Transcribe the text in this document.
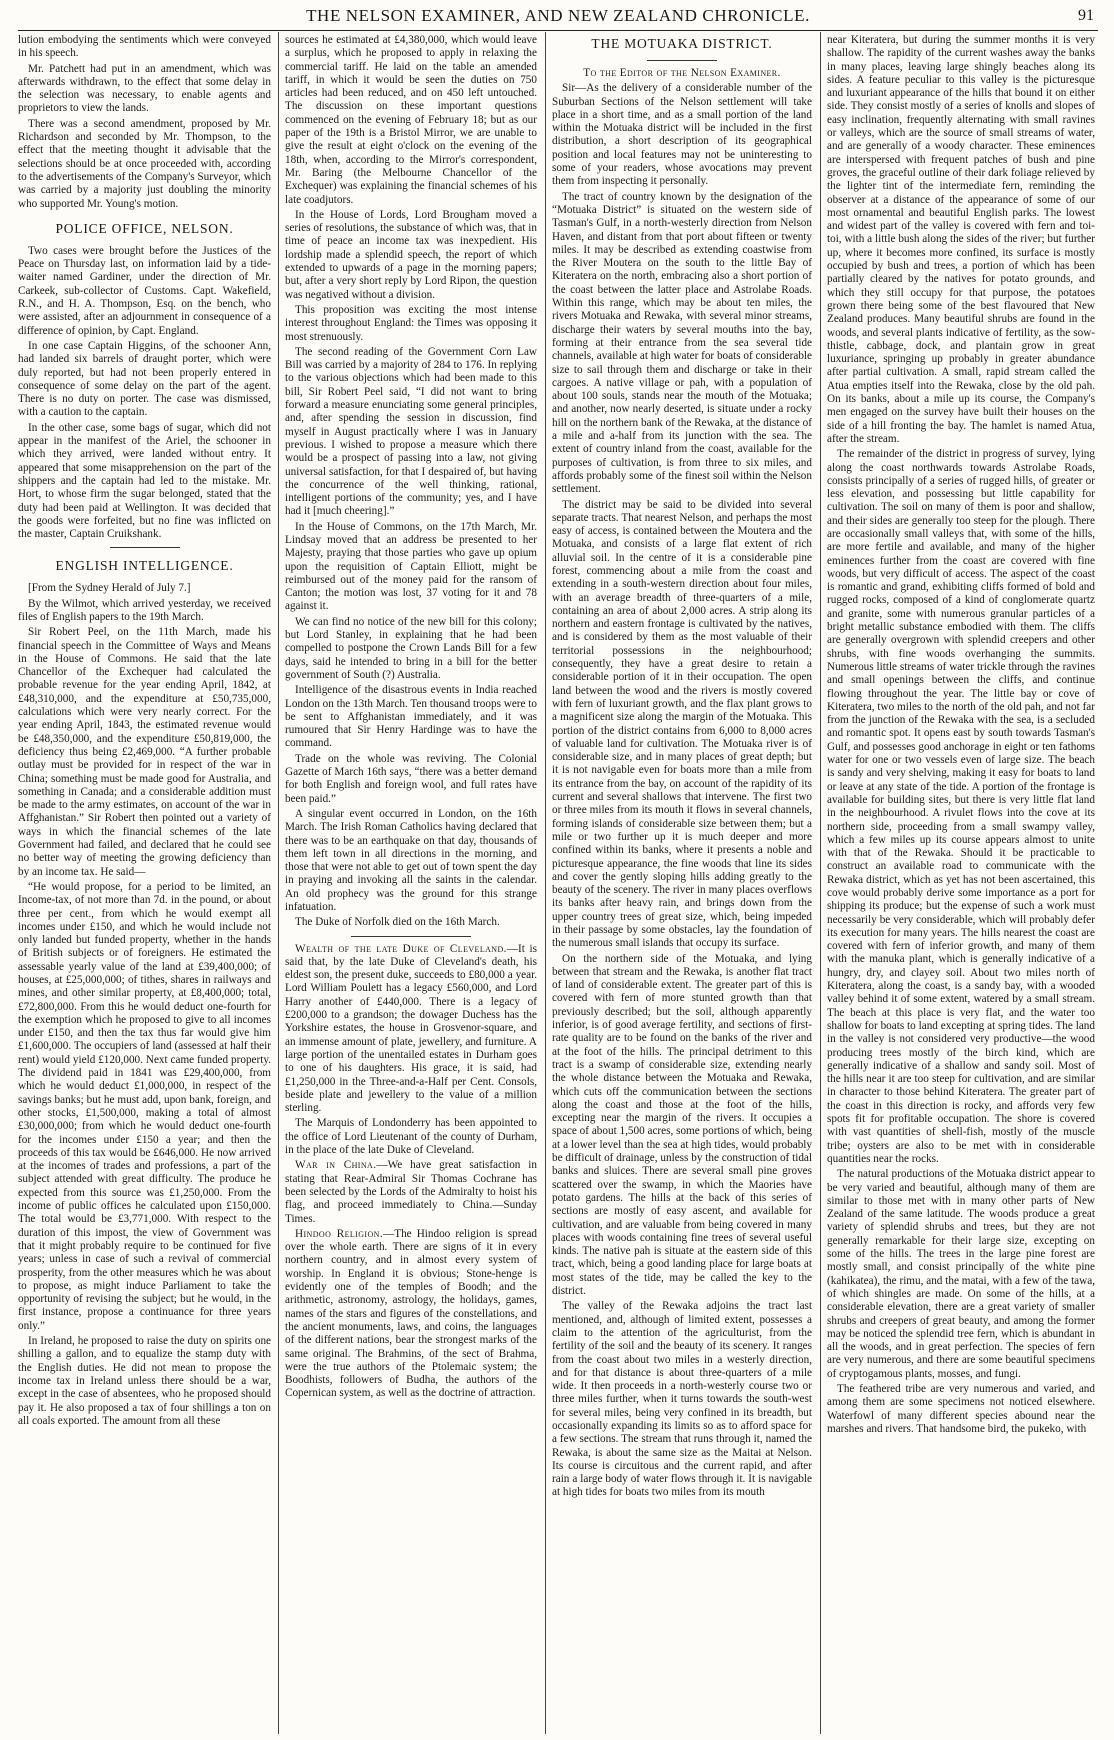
THE NELSON EXAMINER, AND NEW ZEALAND CHRONICLE.	91

lution embodying the sentiments which were conveyed in his speech.

Mr. Patchett had put in an amendment, which was afterwards withdrawn, to the effect that some delay in the selection was necessary, to enable agents and proprietors to view the lands.

There was a second amendment, proposed by Mr. Richardson and seconded by Mr. Thompson, to the effect that the meeting thought it advisable that the selections should be at once proceeded with, according to the advertisements of the Company's Surveyor, which was carried by a majority just doubling the minority who supported Mr. Young's motion.

POLICE OFFICE, NELSON.

Two cases were brought before the Justices of the Peace on Thursday last, on information laid by a tide-waiter named Gardiner, under the direction of Mr. Carkeek, sub-collector of Customs. Capt. Wakefield, R.N., and H. A. Thompson, Esq. on the bench, who were assisted, after an adjournment in consequence of a difference of opinion, by Capt. England.

In one case Captain Higgins, of the schooner Ann, had landed six barrels of draught porter, which were duly reported, but had not been properly entered in consequence of some delay on the part of the agent. There is no duty on porter. The case was dismissed, with a caution to the captain.

In the other case, some bags of sugar, which did not appear in the manifest of the Ariel, the schooner in which they arrived, were landed without entry. It appeared that some misapprehension on the part of the shippers and the captain had led to the mistake. Mr. Hort, to whose firm the sugar belonged, stated that the duty had been paid at Wellington. It was decided that the goods were forfeited, but no fine was inflicted on the master, Captain Cruikshank.

ENGLISH INTELLIGENCE.

[From the Sydney Herald of July 7.]

By the Wilmot, which arrived yesterday, we received files of English papers to the 19th March.

Sir Robert Peel, on the 11th March, made his financial speech in the Committee of Ways and Means in the House of Commons. He said that the late Chancellor of the Exchequer had calculated the probable revenue for the year ending April, 1842, at £48,310,000, and the expenditure at £50,735,000, calculations which were very nearly correct. For the year ending April, 1843, the estimated revenue would be £48,350,000, and the expenditure £50,819,000, the deficiency thus being £2,469,000. “A further probable outlay must be provided for in respect of the war in China; something must be made good for Australia, and something in Canada; and a considerable addition must be made to the army estimates, on account of the war in Affghanistan.” Sir Robert then pointed out a variety of ways in which the financial schemes of the late Government had failed, and declared that he could see no better way of meeting the growing deficiency than by an income tax. He said—

“He would propose, for a period to be limited, an Income-tax, of not more than 7d. in the pound, or about three per cent., from which he would exempt all incomes under £150, and which he would include not only landed but funded property, whether in the hands of British subjects or of foreigners. He estimated the assessable yearly value of the land at £39,400,000; of houses, at £25,000,000; of tithes, shares in railways and mines, and other similar property, at £8,400,000; total, £72,800,000. From this he would deduct one-fourth for the exemption which he proposed to give to all incomes under £150, and then the tax thus far would give him £1,600,000. The occupiers of land (assessed at half their rent) would yield £120,000. Next came funded property. The dividend paid in 1841 was £29,400,000, from which he would deduct £1,000,000, in respect of the savings banks; but he must add, upon bank, foreign, and other stocks, £1,500,000, making a total of almost £30,000,000; from which he would deduct one-fourth for the incomes under £150 a year; and then the proceeds of this tax would be £646,000. He now arrived at the incomes of trades and professions, a part of the subject attended with great difficulty. The produce he expected from this source was £1,250,000. From the income of public offices he calculated upon £150,000. The total would be £3,771,000. With respect to the duration of this impost, the view of Government was that it might probably require to be continued for five years; unless in case of such a revival of commercial prosperity, from the other measures which he was about to propose, as might induce Parliament to take the opportunity of revising the subject; but he would, in the first instance, propose a continuance for three years only.”

In Ireland, he proposed to raise the duty on spirits one shilling a gallon, and to equalize the stamp duty with the English duties. He did not mean to propose the income tax in Ireland unless there should be a war, except in the case of absentees, who he proposed should pay it. He also proposed a tax of four shillings a ton on all coals exported. The amount from all these

sources he estimated at £4,380,000, which would leave a surplus, which he proposed to apply in relaxing the commercial tariff. He laid on the table an amended tariff, in which it would be seen the duties on 750 articles had been reduced, and on 450 left untouched. The discussion on these important questions commenced on the evening of February 18; but as our paper of the 19th is a Bristol Mirror, we are unable to give the result at eight o'clock on the evening of the 18th, when, according to the Mirror's correspondent, Mr. Baring (the Melbourne Chancellor of the Exchequer) was explaining the financial schemes of his late coadjutors.

In the House of Lords, Lord Brougham moved a series of resolutions, the substance of which was, that in time of peace an income tax was inexpedient. His lordship made a splendid speech, the report of which extended to upwards of a page in the morning papers; but, after a very short reply by Lord Ripon, the question was negatived without a division.

This proposition was exciting the most intense interest throughout England: the Times was opposing it most strenuously.

The second reading of the Government Corn Law Bill was carried by a majority of 284 to 176. In replying to the various objections which had been made to this bill, Sir Robert Peel said, “I did not want to bring forward a measure enunciating some general principles, and, after spending the session in discussion, find myself in August practically where I was in January previous. I wished to propose a measure which there would be a prospect of passing into a law, not giving universal satisfaction, for that I despaired of, but having the concurrence of the well thinking, rational, intelligent portions of the community; yes, and I have had it [much cheering].”

In the House of Commons, on the 17th March, Mr. Lindsay moved that an address be presented to her Majesty, praying that those parties who gave up opium upon the requisition of Captain Elliott, might be reimbursed out of the money paid for the ransom of Canton; the motion was lost, 37 voting for it and 78 against it.

We can find no notice of the new bill for this colony; but Lord Stanley, in explaining that he had been compelled to postpone the Crown Lands Bill for a few days, said he intended to bring in a bill for the better government of South (?) Australia.

Intelligence of the disastrous events in India reached London on the 13th March. Ten thousand troops were to be sent to Affghanistan immediately, and it was rumoured that Sir Henry Hardinge was to have the command.

Trade on the whole was reviving. The Colonial Gazette of March 16th says, “there was a better demand for both English and foreign wool, and full rates have been paid.”

A singular event occurred in London, on the 16th March. The Irish Roman Catholics having declared that there was to be an earthquake on that day, thousands of them left town in all directions in the morning, and those that were not able to get out of town spent the day in praying and invoking all the saints in the calendar. An old prophecy was the ground for this strange infatuation.

The Duke of Norfolk died on the 16th March.

Wealth of the late Duke of Cleveland.—It is said that, by the late Duke of Cleveland's death, his eldest son, the present duke, succeeds to £80,000 a year. Lord William Poulett has a legacy £560,000, and Lord Harry another of £440,000. There is a legacy of £200,000 to a grandson; the dowager Duchess has the Yorkshire estates, the house in Grosvenor-square, and an immense amount of plate, jewellery, and furniture. A large portion of the unentailed estates in Durham goes to one of his daughters. His grace, it is said, had £1,250,000 in the Three-and-a-Half per Cent. Consols, beside plate and jewellery to the value of a million sterling.

The Marquis of Londonderry has been appointed to the office of Lord Lieutenant of the county of Durham, in the place of the late Duke of Cleveland.

War in China.—We have great satisfaction in stating that Rear-Admiral Sir Thomas Cochrane has been selected by the Lords of the Admiralty to hoist his flag, and proceed immediately to China.—Sunday Times.

Hindoo Religion.—The Hindoo religion is spread over the whole earth. There are signs of it in every northern country, and in almost every system of worship. In England it is obvious; Stone-henge is evidently one of the temples of Boodh; and the arithmetic, astronomy, astrology, the holidays, games, names of the stars and figures of the constellations, and the ancient monuments, laws, and coins, the languages of the different nations, bear the strongest marks of the same original. The Brahmins, of the sect of Brahma, were the true authors of the Ptolemaic system; the Boodhists, followers of Budha, the authors of the Copernican system, as well as the doctrine of attraction.

THE MOTUAKA DISTRICT.

To the Editor of the Nelson Examiner.

Sir—As the delivery of a considerable number of the Suburban Sections of the Nelson settlement will take place in a short time, and as a small portion of the land within the Motuaka district will be included in the first distribution, a short description of its geographical position and local features may not be uninteresting to some of your readers, whose avocations may prevent them from inspecting it personally.

The tract of country known by the designation of the “Motuaka District” is situated on the western side of Tasman's Gulf, in a north-westerly direction from Nelson Haven, and distant from that port about fifteen or twenty miles. It may be described as extending coastwise from the River Moutera on the south to the little Bay of Kiteratera on the north, embracing also a short portion of the coast between the latter place and Astrolabe Roads. Within this range, which may be about ten miles, the rivers Motuaka and Rewaka, with several minor streams, discharge their waters by several mouths into the bay, forming at their entrance from the sea several tide channels, available at high water for boats of considerable size to sail through them and discharge or take in their cargoes. A native village or pah, with a population of about 100 souls, stands near the mouth of the Motuaka; and another, now nearly deserted, is situate under a rocky hill on the northern bank of the Rewaka, at the distance of a mile and a-half from its junction with the sea. The extent of country inland from the coast, available for the purposes of cultivation, is from three to six miles, and affords probably some of the finest soil within the Nelson settlement.

The district may be said to be divided into several separate tracts. That nearest Nelson, and perhaps the most easy of access, is contained between the Moutera and the Motuaka, and consists of a large flat extent of rich alluvial soil. In the centre of it is a considerable pine forest, commencing about a mile from the coast and extending in a south-western direction about four miles, with an average breadth of three-quarters of a mile, containing an area of about 2,000 acres. A strip along its northern and eastern frontage is cultivated by the natives, and is considered by them as the most valuable of their territorial possessions in the neighbourhood; consequently, they have a great desire to retain a considerable portion of it in their occupation. The open land between the wood and the rivers is mostly covered with fern of luxuriant growth, and the flax plant grows to a magnificent size along the margin of the Motuaka. This portion of the district contains from 6,000 to 8,000 acres of valuable land for cultivation. The Motuaka river is of considerable size, and in many places of great depth; but it is not navigable even for boats more than a mile from its entrance from the bay, on account of the rapidity of its current and several shallows that intervene. The first two or three miles from its mouth it flows in several channels, forming islands of considerable size between them; but a mile or two further up it is much deeper and more confined within its banks, where it presents a noble and picturesque appearance, the fine woods that line its sides and cover the gently sloping hills adding greatly to the beauty of the scenery. The river in many places overflows its banks after heavy rain, and brings down from the upper country trees of great size, which, being impeded in their passage by some obstacles, lay the foundation of the numerous small islands that occupy its surface.

On the northern side of the Motuaka, and lying between that stream and the Rewaka, is another flat tract of land of considerable extent. The greater part of this is covered with fern of more stunted growth than that previously described; but the soil, although apparently inferior, is of good average fertility, and sections of first-rate quality are to be found on the banks of the river and at the foot of the hills. The principal detriment to this tract is a swamp of considerable size, extending nearly the whole distance between the Motuaka and Rewaka, which cuts off the communication between the sections along the coast and those at the foot of the hills, excepting near the margin of the rivers. It occupies a space of about 1,500 acres, some portions of which, being at a lower level than the sea at high tides, would probably be difficult of drainage, unless by the construction of tidal banks and sluices. There are several small pine groves scattered over the swamp, in which the Maories have potato gardens. The hills at the back of this series of sections are mostly of easy ascent, and available for cultivation, and are valuable from being covered in many places with woods containing fine trees of several useful kinds. The native pah is situate at the eastern side of this tract, which, being a good landing place for large boats at most states of the tide, may be called the key to the district.

The valley of the Rewaka adjoins the tract last mentioned, and, although of limited extent, possesses a claim to the attention of the agriculturist, from the fertility of the soil and the beauty of its scenery. It ranges from the coast about two miles in a westerly direction, and for that distance is about three-quarters of a mile wide. It then proceeds in a north-westerly course two or three miles further, when it turns towards the south-west for several miles, being very confined in its breadth, but occasionally expanding its limits so as to afford space for a few sections. The stream that runs through it, named the Rewaka, is about the same size as the Maitai at Nelson. Its course is circuitous and the current rapid, and after rain a large body of water flows through it. It is navigable at high tides for boats two miles from its mouth

near Kiteratera, but during the summer months it is very shallow. The rapidity of the current washes away the banks in many places, leaving large shingly beaches along its sides. A feature peculiar to this valley is the picturesque and luxuriant appearance of the hills that bound it on either side. They consist mostly of a series of knolls and slopes of easy inclination, frequently alternating with small ravines or valleys, which are the source of small streams of water, and are generally of a woody character. These eminences are interspersed with frequent patches of bush and pine groves, the graceful outline of their dark foliage relieved by the lighter tint of the intermediate fern, reminding the observer at a distance of the appearance of some of our most ornamental and beautiful English parks. The lowest and widest part of the valley is covered with fern and toi-toi, with a little bush along the sides of the river; but further up, where it becomes more confined, its surface is mostly occupied by bush and trees, a portion of which has been partially cleared by the natives for potato grounds, and which they still occupy for that purpose, the potatoes grown there being some of the best flavoured that New Zealand produces. Many beautiful shrubs are found in the woods, and several plants indicative of fertility, as the sow-thistle, cabbage, dock, and plantain grow in great luxuriance, springing up probably in greater abundance after partial cultivation. A small, rapid stream called the Atua empties itself into the Rewaka, close by the old pah. On its banks, about a mile up its course, the Company's men engaged on the survey have built their houses on the side of a hill fronting the bay. The hamlet is named Atua, after the stream.

The remainder of the district in progress of survey, lying along the coast northwards towards Astrolabe Roads, consists principally of a series of rugged hills, of greater or less elevation, and possessing but little capability for cultivation. The soil on many of them is poor and shallow, and their sides are generally too steep for the plough. There are occasionally small valleys that, with some of the hills, are more fertile and available, and many of the higher eminences further from the coast are covered with fine woods, but very difficult of access. The aspect of the coast is romantic and grand, exhibiting cliffs formed of bold and rugged rocks, composed of a kind of conglomerate quartz and granite, some with numerous granular particles of a bright metallic substance embodied with them. The cliffs are generally overgrown with splendid creepers and other shrubs, with fine woods overhanging the summits. Numerous little streams of water trickle through the ravines and small openings between the cliffs, and continue flowing throughout the year. The little bay or cove of Kiteratera, two miles to the north of the old pah, and not far from the junction of the Rewaka with the sea, is a secluded and romantic spot. It opens east by south towards Tasman's Gulf, and possesses good anchorage in eight or ten fathoms water for one or two vessels even of large size. The beach is sandy and very shelving, making it easy for boats to land or leave at any state of the tide. A portion of the frontage is available for building sites, but there is very little flat land in the neighbourhood. A rivulet flows into the cove at its northern side, proceeding from a small swampy valley, which a few miles up its course appears almost to unite with that of the Rewaka. Should it be practicable to construct an available road to communicate with the Rewaka district, which as yet has not been ascertained, this cove would probably derive some importance as a port for shipping its produce; but the expense of such a work must necessarily be very considerable, which will probably defer its execution for many years. The hills nearest the coast are covered with fern of inferior growth, and many of them with the manuka plant, which is generally indicative of a hungry, dry, and clayey soil. About two miles north of Kiteratera, along the coast, is a sandy bay, with a wooded valley behind it of some extent, watered by a small stream. The beach at this place is very flat, and the water too shallow for boats to land excepting at spring tides. The land in the valley is not considered very productive—the wood producing trees mostly of the birch kind, which are generally indicative of a shallow and sandy soil. Most of the hills near it are too steep for cultivation, and are similar in character to those behind Kiteratera. The greater part of the coast in this direction is rocky, and affords very few spots fit for profitable occupation. The shore is covered with vast quantities of shell-fish, mostly of the muscle tribe; oysters are also to be met with in considerable quantities near the rocks.

The natural productions of the Motuaka district appear to be very varied and beautiful, although many of them are similar to those met with in many other parts of New Zealand of the same latitude. The woods produce a great variety of splendid shrubs and trees, but they are not generally remarkable for their large size, excepting on some of the hills. The trees in the large pine forest are mostly small, and consist principally of the white pine (kahikatea), the rimu, and the matai, with a few of the tawa, of which shingles are made. On some of the hills, at a considerable elevation, there are a great variety of smaller shrubs and creepers of great beauty, and among the former may be noticed the splendid tree fern, which is abundant in all the woods, and in great perfection. The species of fern are very numerous, and there are some beautiful specimens of cryptogamous plants, mosses, and fungi.

The feathered tribe are very numerous and varied, and among them are some specimens not noticed elsewhere. Waterfowl of many different species abound near the marshes and rivers. That handsome bird, the pukeko, with
